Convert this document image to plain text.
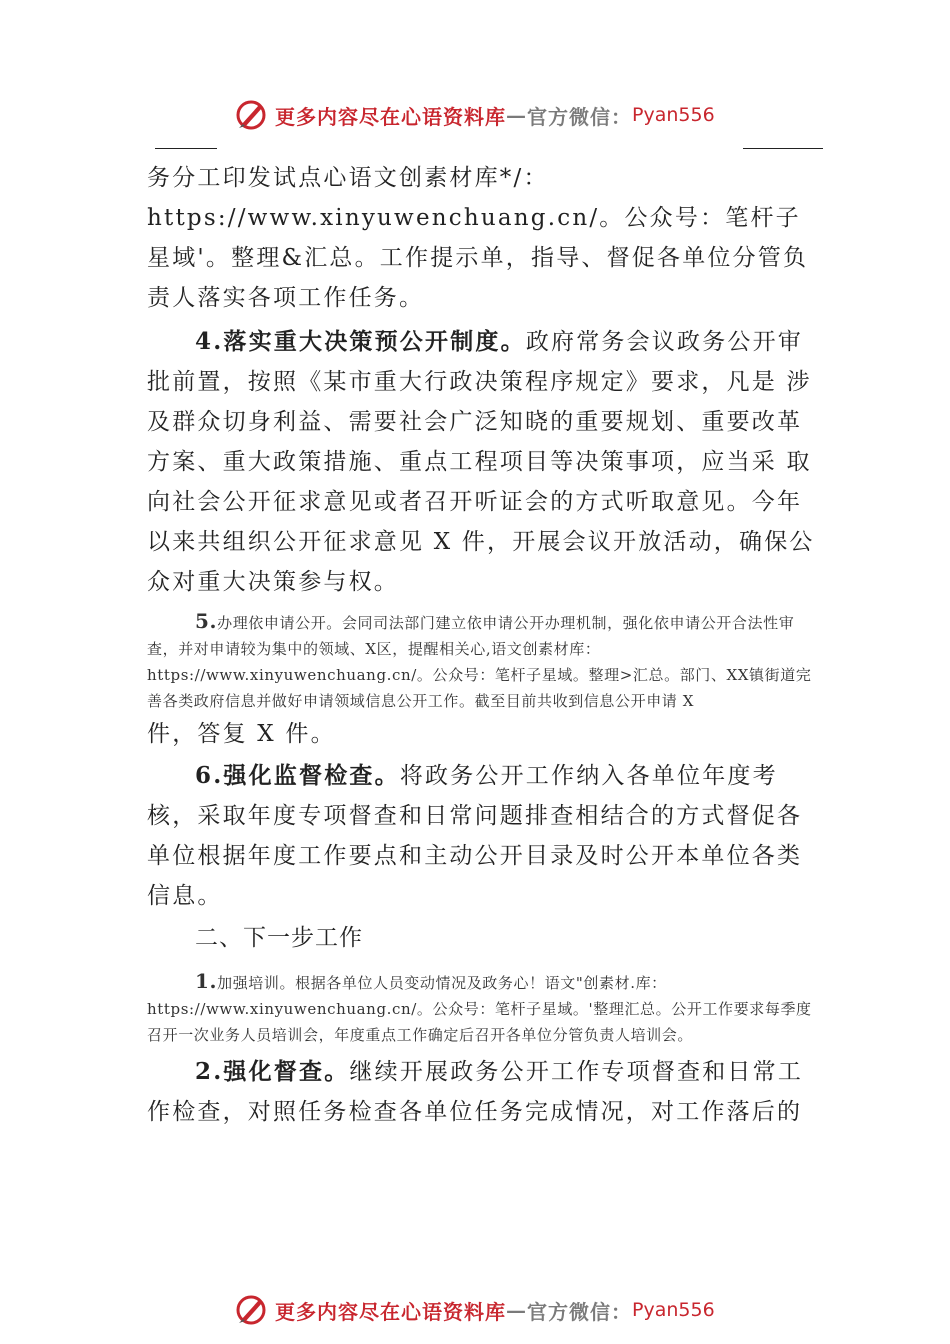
更多内容尽在心语资料库 — 官方微信： Pyan556

务分工印发试点心语文创素材库*/：https://www.xinyuwenchuang.cn/。公众号：笔杆子星域'。整理&汇总。工作提示单，指导、督促各单位分管负责人落实各项工作任务。

4.落实重大决策预公开制度。政府常务会议政务公开审批前置，按照《某市重大行政决策程序规定》要求，凡是 涉及群众切身利益、需要社会广泛知晓的重要规划、重要改革方案、重大政策措施、重点工程项目等决策事项，应当采 取向社会公开征求意见或者召开听证会的方式听取意见。今年以来共组织公开征求意见 X 件，开展会议开放活动，确保公众对重大决策参与权。

5.办理依申请公开。会同司法部门建立依申请公开办理机制，强化依申请公开合法性审查，并对申请较为集中的领域、X区，提醒相关心,语文创素材库：https://www.xinyuwenchuang.cn/。公众号：笔杆子星域。整理>汇总。部门、XX镇街道完善各类政府信息并做好申请领域信息公开工作。截至目前共收到信息公开申请 X

件，答复 X 件。

6.强化监督检查。将政务公开工作纳入各单位年度考核，采取年度专项督查和日常问题排查相结合的方式督促各单位根据年度工作要点和主动公开目录及时公开本单位各类信息。

二、下一步工作

1.加强培训。根据各单位人员变动情况及政务心！语文"创素材.库：https://www.xinyuwenchuang.cn/。公众号：笔杆子星域。'整理汇总。公开工作要求每季度召开一次业务人员培训会，年度重点工作确定后召开各单位分管负责人培训会。

2.强化督查。继续开展政务公开工作专项督查和日常工作检查，对照任务检查各单位任务完成情况，对工作落后的

更多内容尽在心语资料库 — 官方微信： Pyan556
